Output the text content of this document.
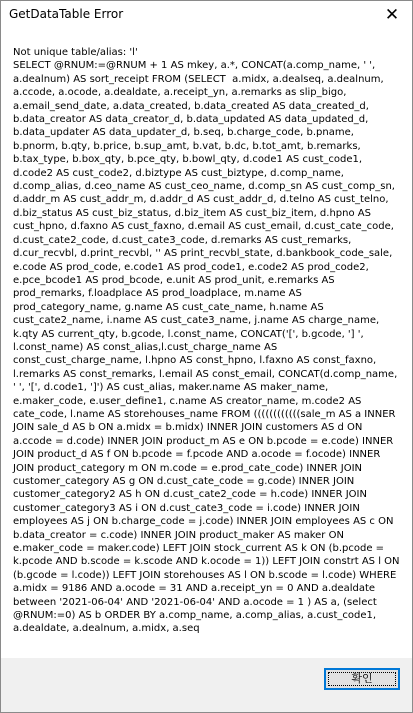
GetDataTable Error	✕

Not unique table/alias: 'l'
SELECT @RNUM:=@RNUM + 1 AS mkey, a.*, CONCAT(a.comp_name, ' ', a.dealnum) AS sort_receipt FROM (SELECT  a.midx, a.dealseq, a.dealnum, a.ccode, a.ocode, a.dealdate, a.receipt_yn, a.remarks as slip_bigo, a.email_send_date, a.data_created, b.data_created AS data_created_d, b.data_creator AS data_creator_d, b.data_updated AS data_updated_d, b.data_updater AS data_updater_d, b.seq, b.charge_code, b.pname, b.pnorm, b.qty, b.price, b.sup_amt, b.vat, b.dc, b.tot_amt, b.remarks, b.tax_type, b.box_qty, b.pce_qty, b.bowl_qty, d.code1 AS cust_code1, d.code2 AS cust_code2, d.biztype AS cust_biztype, d.comp_name, d.comp_alias, d.ceo_name AS cust_ceo_name, d.comp_sn AS cust_comp_sn, d.addr_m AS cust_addr_m, d.addr_d AS cust_addr_d, d.telno AS cust_telno, d.biz_status AS cust_biz_status, d.biz_item AS cust_biz_item, d.hpno AS cust_hpno, d.faxno AS cust_faxno, d.email AS cust_email, d.cust_cate_code, d.cust_cate2_code, d.cust_cate3_code, d.remarks AS cust_remarks, d.cur_recvbl, d.print_recvbl, '' AS print_recvbl_state, d.bankbook_code_sale, e.code AS prod_code, e.code1 AS prod_code1, e.code2 AS prod_code2, e.pce_bcode1 AS prod_bcode, e.unit AS prod_unit, e.remarks AS prod_remarks, f.loadplace AS prod_loadplace, m.name AS prod_category_name, g.name AS cust_cate_name, h.name AS cust_cate2_name, i.name AS cust_cate3_name, j.name AS charge_name, k.qty AS current_qty, b.gcode, l.const_name, CONCAT('[', b.gcode, '] ', l.const_name) AS const_alias,l.cust_charge_name AS const_cust_charge_name, l.hpno AS const_hpno, l.faxno AS const_faxno, l.remarks AS const_remarks, l.email AS const_email, CONCAT(d.comp_name, ' ', '[', d.code1, ']') AS cust_alias, maker.name AS maker_name, e.maker_code, e.user_define1, c.name AS creator_name, m.code2 AS cate_code, l.name AS storehouses_name FROM ((((((((((((sale_m AS a INNER JOIN sale_d AS b ON a.midx = b.midx) INNER JOIN customers AS d ON a.ccode = d.code) INNER JOIN product_m AS e ON b.pcode = e.code) INNER JOIN product_d AS f ON b.pcode = f.pcode AND a.ocode = f.ocode) INNER JOIN product_category m ON m.code = e.prod_cate_code) INNER JOIN customer_category AS g ON d.cust_cate_code = g.code) INNER JOIN customer_category2 AS h ON d.cust_cate2_code = h.code) INNER JOIN customer_category3 AS i ON d.cust_cate3_code = i.code) INNER JOIN employees AS j ON b.charge_code = j.code) INNER JOIN employees AS c ON b.data_creator = c.code) INNER JOIN product_maker AS maker ON e.maker_code = maker.code) LEFT JOIN stock_current AS k ON (b.pcode = k.pcode AND b.scode = k.scode AND k.ocode = 1)) LEFT JOIN constrt AS l ON (b.gcode = l.code)) LEFT JOIN storehouses AS l ON b.scode = l.code) WHERE  a.midx = 9186 AND a.ocode = 31 AND a.receipt_yn = 0 AND a.dealdate between '2021-06-04' AND '2021-06-04' AND a.ocode = 1 ) AS a, (select @RNUM:=0) AS b ORDER BY a.comp_name, a.comp_alias, a.cust_code1, a.dealdate, a.dealnum, a.midx, a.seq

확인
